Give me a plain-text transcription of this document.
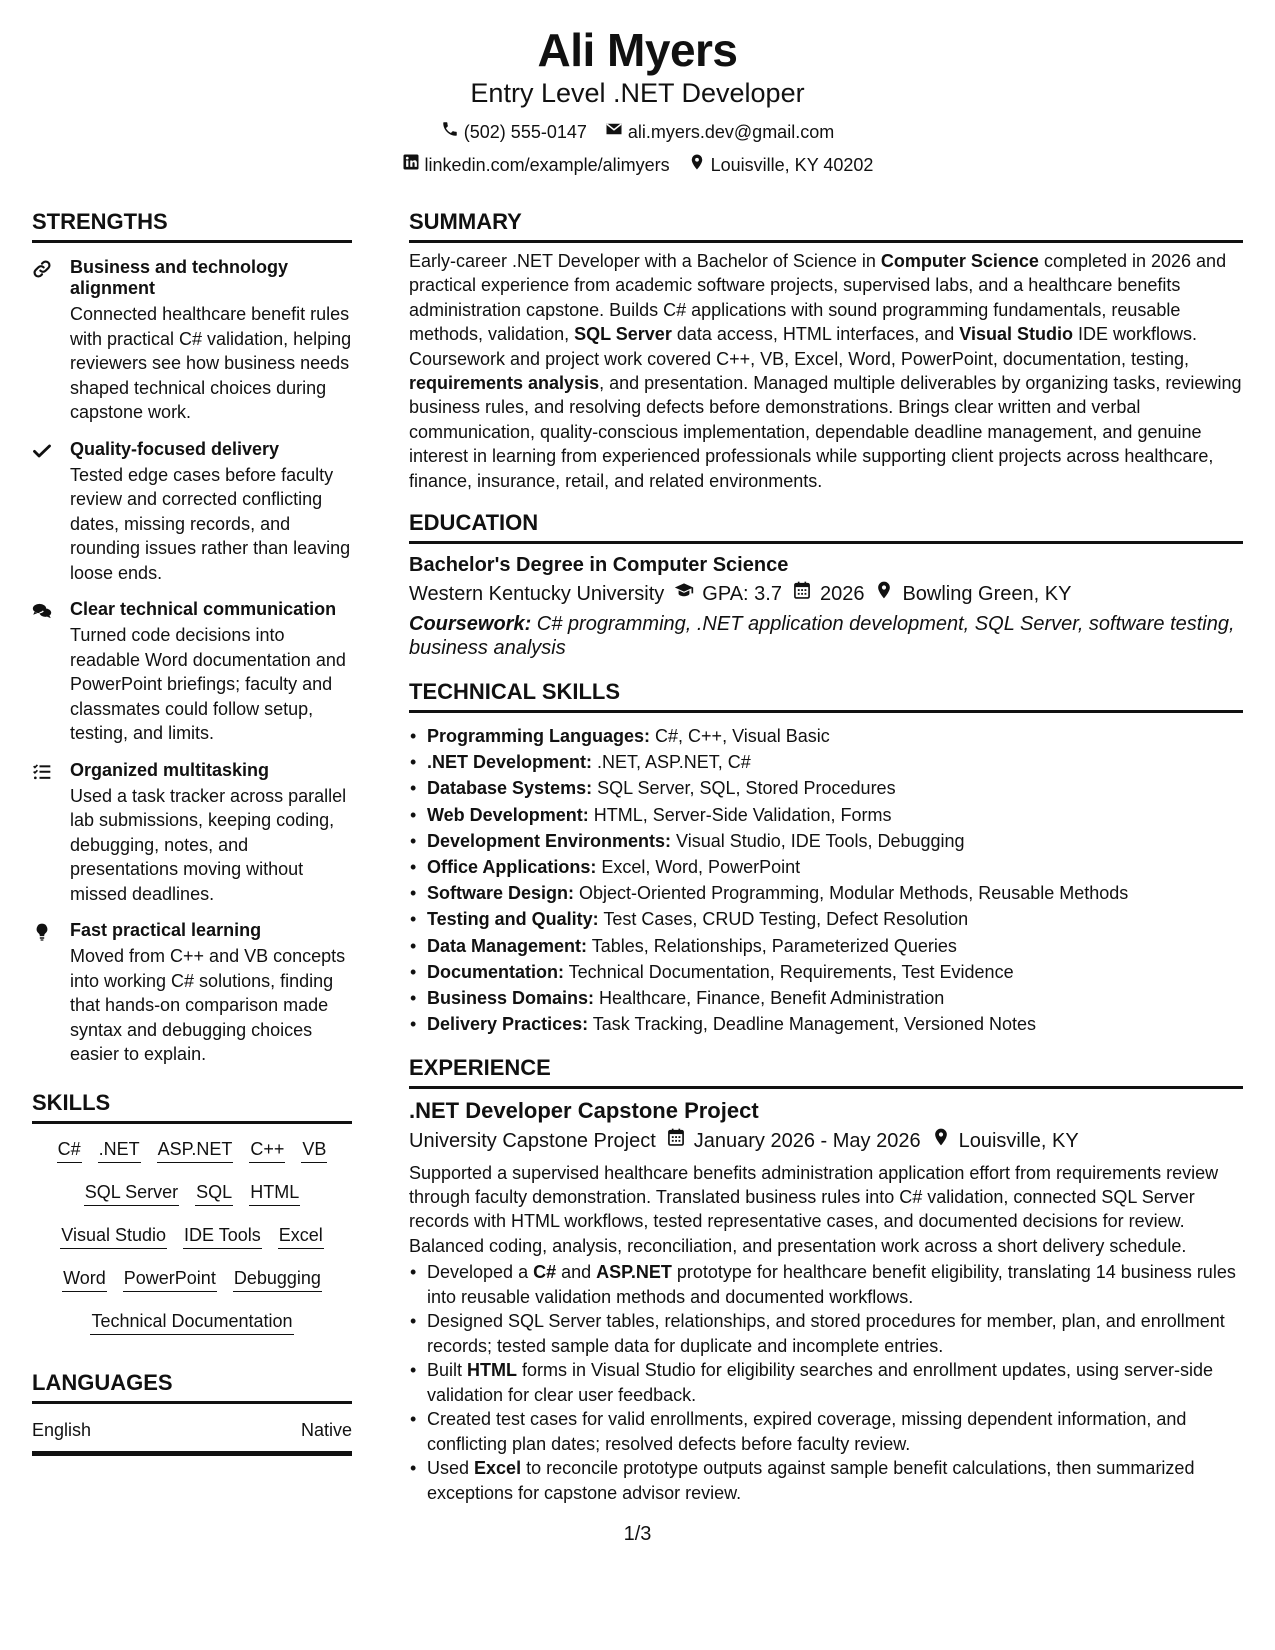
Ali Myers
Entry Level .NET Developer
(502) 555-0147 ali.myers.dev@gmail.com
linkedin.com/example/alimyers Louisville, KY 40202
STRENGTHS
Business and technology alignment
Connected healthcare benefit rules with practical C# validation, helping reviewers see how business needs shaped technical choices during capstone work.
Quality-focused delivery
Tested edge cases before faculty review and corrected conflicting dates, missing records, and rounding issues rather than leaving loose ends.
Clear technical communication
Turned code decisions into readable Word documentation and PowerPoint briefings; faculty and classmates could follow setup, testing, and limits.
Organized multitasking
Used a task tracker across parallel lab submissions, keeping coding, debugging, notes, and presentations moving without missed deadlines.
Fast practical learning
Moved from C++ and VB concepts into working C# solutions, finding that hands-on comparison made syntax and debugging choices easier to explain.
SKILLS
C# .NET ASP.NET C++ VB
SQL Server SQL HTML
Visual Studio IDE Tools Excel
Word PowerPoint Debugging
Technical Documentation
LANGUAGES
English	Native
SUMMARY
Early-career .NET Developer with a Bachelor of Science in Computer Science completed in 2026 and practical experience from academic software projects, supervised labs, and a healthcare benefits administration capstone. Builds C# applications with sound programming fundamentals, reusable methods, validation, SQL Server data access, HTML interfaces, and Visual Studio IDE workflows. Coursework and project work covered C++, VB, Excel, Word, PowerPoint, documentation, testing, requirements analysis, and presentation. Managed multiple deliverables by organizing tasks, reviewing business rules, and resolving defects before demonstrations. Brings clear written and verbal communication, quality-conscious implementation, dependable deadline management, and genuine interest in learning from experienced professionals while supporting client projects across healthcare, finance, insurance, retail, and related environments.
EDUCATION
Bachelor's Degree in Computer Science
Western Kentucky University GPA: 3.7 2026 Bowling Green, KY
Coursework: C# programming, .NET application development, SQL Server, software testing, business analysis
TECHNICAL SKILLS
• Programming Languages: C#, C++, Visual Basic
• .NET Development: .NET, ASP.NET, C#
• Database Systems: SQL Server, SQL, Stored Procedures
• Web Development: HTML, Server-Side Validation, Forms
• Development Environments: Visual Studio, IDE Tools, Debugging
• Office Applications: Excel, Word, PowerPoint
• Software Design: Object-Oriented Programming, Modular Methods, Reusable Methods
• Testing and Quality: Test Cases, CRUD Testing, Defect Resolution
• Data Management: Tables, Relationships, Parameterized Queries
• Documentation: Technical Documentation, Requirements, Test Evidence
• Business Domains: Healthcare, Finance, Benefit Administration
• Delivery Practices: Task Tracking, Deadline Management, Versioned Notes
EXPERIENCE
.NET Developer Capstone Project
University Capstone Project January 2026 - May 2026 Louisville, KY
Supported a supervised healthcare benefits administration application effort from requirements review through faculty demonstration. Translated business rules into C# validation, connected SQL Server records with HTML workflows, tested representative cases, and documented decisions for review. Balanced coding, analysis, reconciliation, and presentation work across a short delivery schedule.
• Developed a C# and ASP.NET prototype for healthcare benefit eligibility, translating 14 business rules into reusable validation methods and documented workflows.
• Designed SQL Server tables, relationships, and stored procedures for member, plan, and enrollment records; tested sample data for duplicate and incomplete entries.
• Built HTML forms in Visual Studio for eligibility searches and enrollment updates, using server-side validation for clear user feedback.
• Created test cases for valid enrollments, expired coverage, missing dependent information, and conflicting plan dates; resolved defects before faculty review.
• Used Excel to reconcile prototype outputs against sample benefit calculations, then summarized exceptions for capstone advisor review.
1/3
